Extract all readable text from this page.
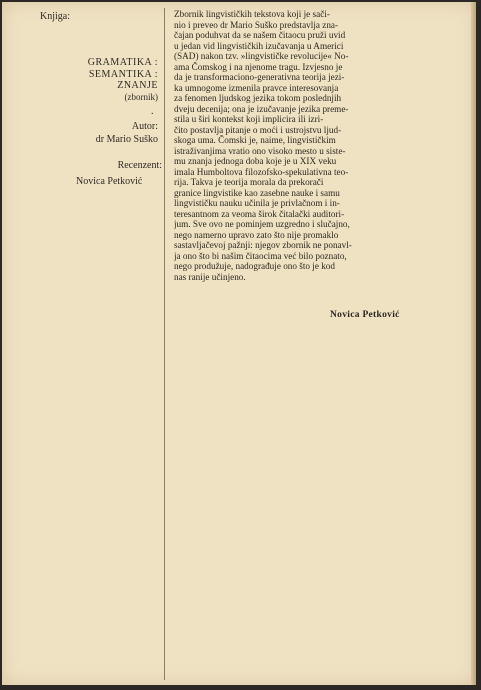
Knjiga:
GRAMATIKA :
SEMANTIKA :
ZNANJE
(zbornik)
.
Autor:
dr Mario Suško
Recenzent:
Novica Petković
Zbornik lingvističkih tekstova koji je sači-
nio i preveo dr Mario Suško predstavlja zna-
čajan poduhvat da se našem čitaocu pruži uvid
u jedan vid lingvističkih izučavanja u Americi
(SAD) nakon tzv. »lingvističke revolucije« No-
ama Čomskog i na njenome tragu. Izvjesno je
da je transformaciono-generativna teorija jezi-
ka umnogome izmenila pravce interesovanja
za fenomen ljudskog jezika tokom poslednjih
dveju decenija; ona je izučavanje jezika preme-
stila u širi kontekst koji implicira ili izri-
čito postavlja pitanje o moći i ustrojstvu ljud-
skoga uma. Čomski je, naime, lingvističkim
istraživanjima vratio ono visoko mesto u siste-
mu znanja jednoga doba koje je u XIX veku
imala Humboltova filozofsko-spekulativna teo-
rija. Takva je teorija morala da prekorači
granice lingvistike kao zasebne nauke i samu
lingvističku nauku učinila je privlačnom i in-
teresantnom za veoma širok čitalački auditori-
jum. Sve ovo ne pominjem uzgredno i slučajno,
nego namerno upravo zato što nije promaklo
sastavljačevoj pažnji: njegov zbornik ne ponavl-
ja ono što bi našim čitaocima već bilo poznato,
nego produžuje, nadograđuje ono što je kod
nas ranije učinjeno.
Novica Petković
